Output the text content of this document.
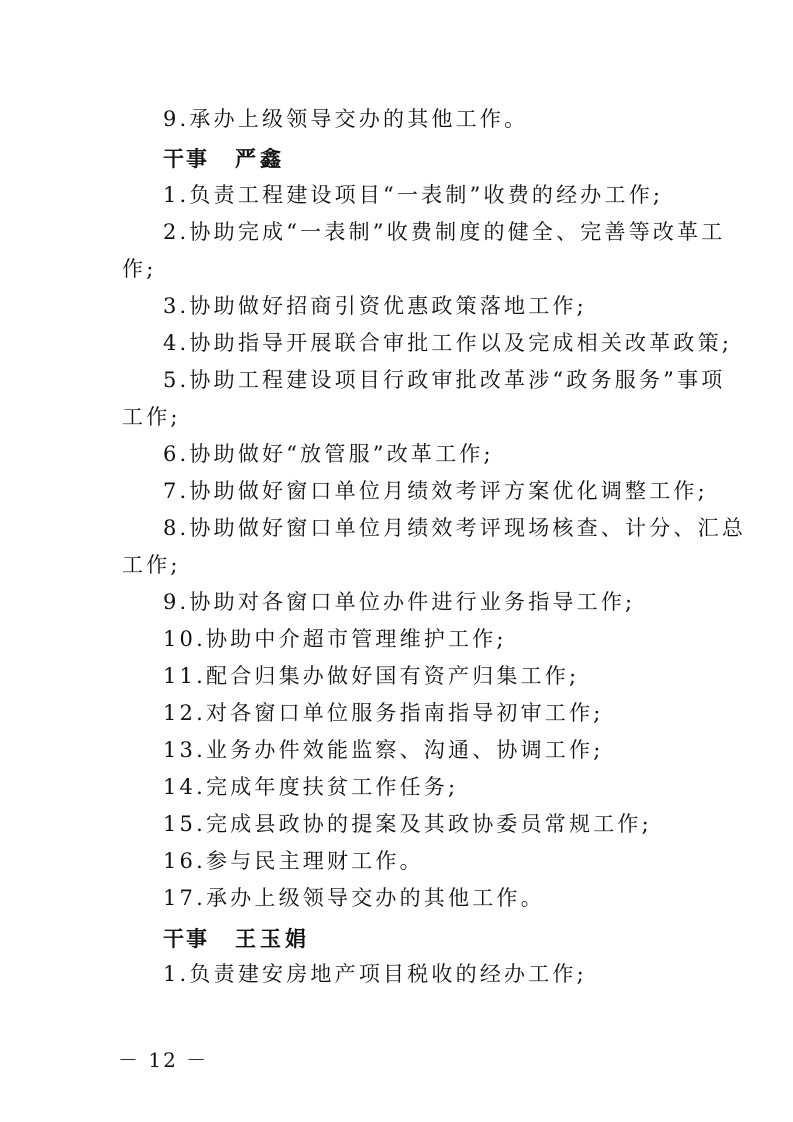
9.承办上级领导交办的其他工作。
干事 严鑫
1.负责工程建设项目“一表制”收费的经办工作;
2.协助完成“一表制”收费制度的健全、完善等改革工
作;
3.协助做好招商引资优惠政策落地工作;
4.协助指导开展联合审批工作以及完成相关改革政策;
5.协助工程建设项目行政审批改革涉“政务服务”事项
工作;
6.协助做好“放管服”改革工作;
7.协助做好窗口单位月绩效考评方案优化调整工作;
8.协助做好窗口单位月绩效考评现场核查、计分、汇总
工作;
9.协助对各窗口单位办件进行业务指导工作;
10.协助中介超市管理维护工作;
11.配合归集办做好国有资产归集工作;
12.对各窗口单位服务指南指导初审工作;
13.业务办件效能监察、沟通、协调工作;
14.完成年度扶贫工作任务;
15.完成县政协的提案及其政协委员常规工作;
16.参与民主理财工作。
17.承办上级领导交办的其他工作。
干事 王玉娟
1.负责建安房地产项目税收的经办工作;
－ 12 －
